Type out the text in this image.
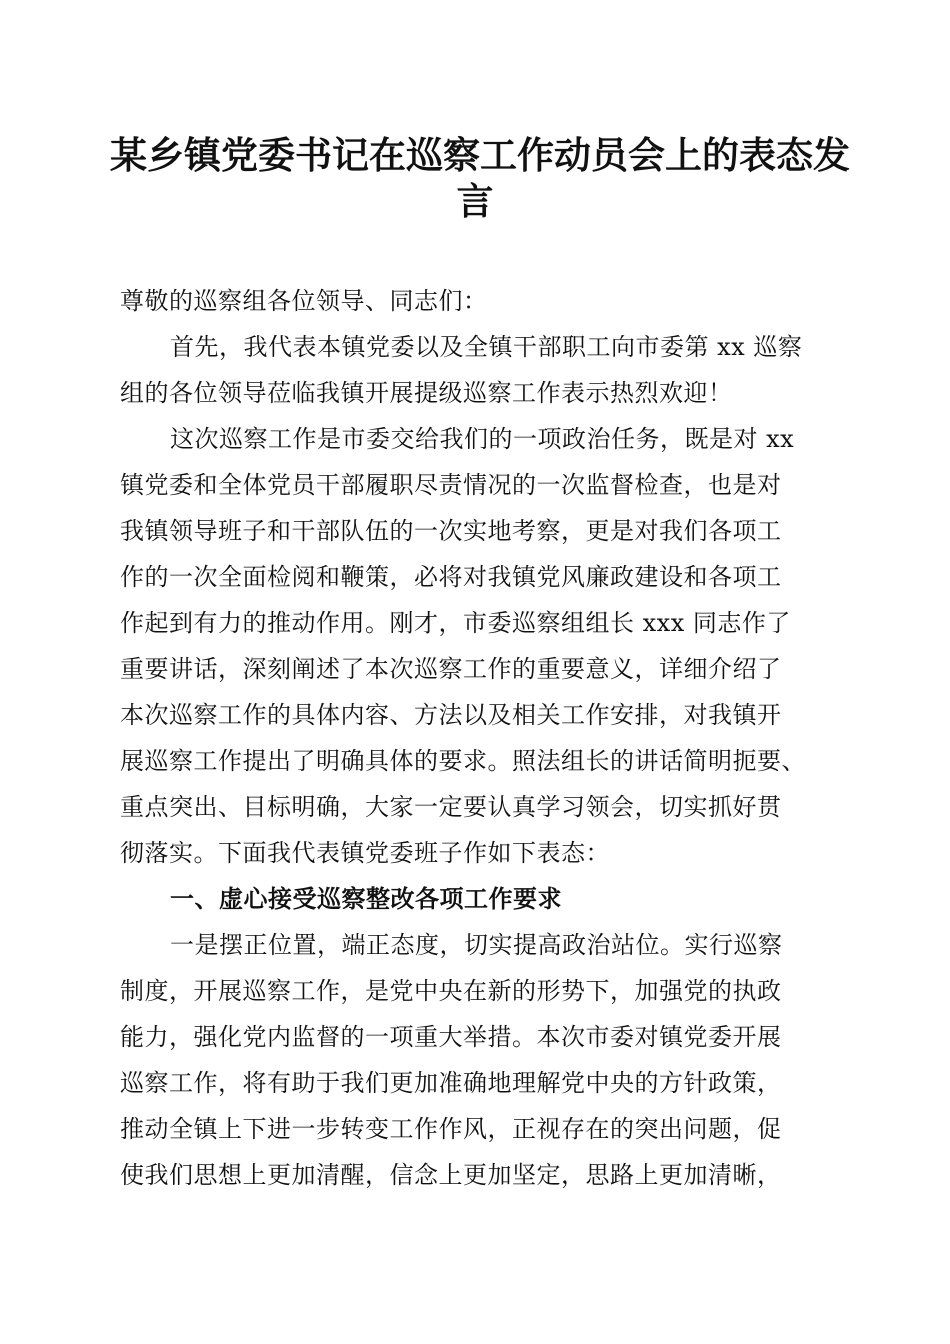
某乡镇党委书记在巡察工作动员会上的表态发
言
尊敬的巡察组各位领导、同志们：
首先，我代表本镇党委以及全镇干部职工向市委第 xx 巡察
组的各位领导莅临我镇开展提级巡察工作表示热烈欢迎！
这次巡察工作是市委交给我们的一项政治任务，既是对 xx
镇党委和全体党员干部履职尽责情况的一次监督检查，也是对
我镇领导班子和干部队伍的一次实地考察，更是对我们各项工
作的一次全面检阅和鞭策，必将对我镇党风廉政建设和各项工
作起到有力的推动作用。刚才，市委巡察组组长 xxx 同志作了
重要讲话，深刻阐述了本次巡察工作的重要意义，详细介绍了
本次巡察工作的具体内容、方法以及相关工作安排，对我镇开
展巡察工作提出了明确具体的要求。照法组长的讲话简明扼要、
重点突出、目标明确，大家一定要认真学习领会，切实抓好贯
彻落实。下面我代表镇党委班子作如下表态：
一、虚心接受巡察整改各项工作要求
一是摆正位置，端正态度，切实提高政治站位。实行巡察
制度，开展巡察工作，是党中央在新的形势下，加强党的执政
能力，强化党内监督的一项重大举措。本次市委对镇党委开展
巡察工作，将有助于我们更加准确地理解党中央的方针政策，
推动全镇上下进一步转变工作作风，正视存在的突出问题，促
使我们思想上更加清醒，信念上更加坚定，思路上更加清晰，
